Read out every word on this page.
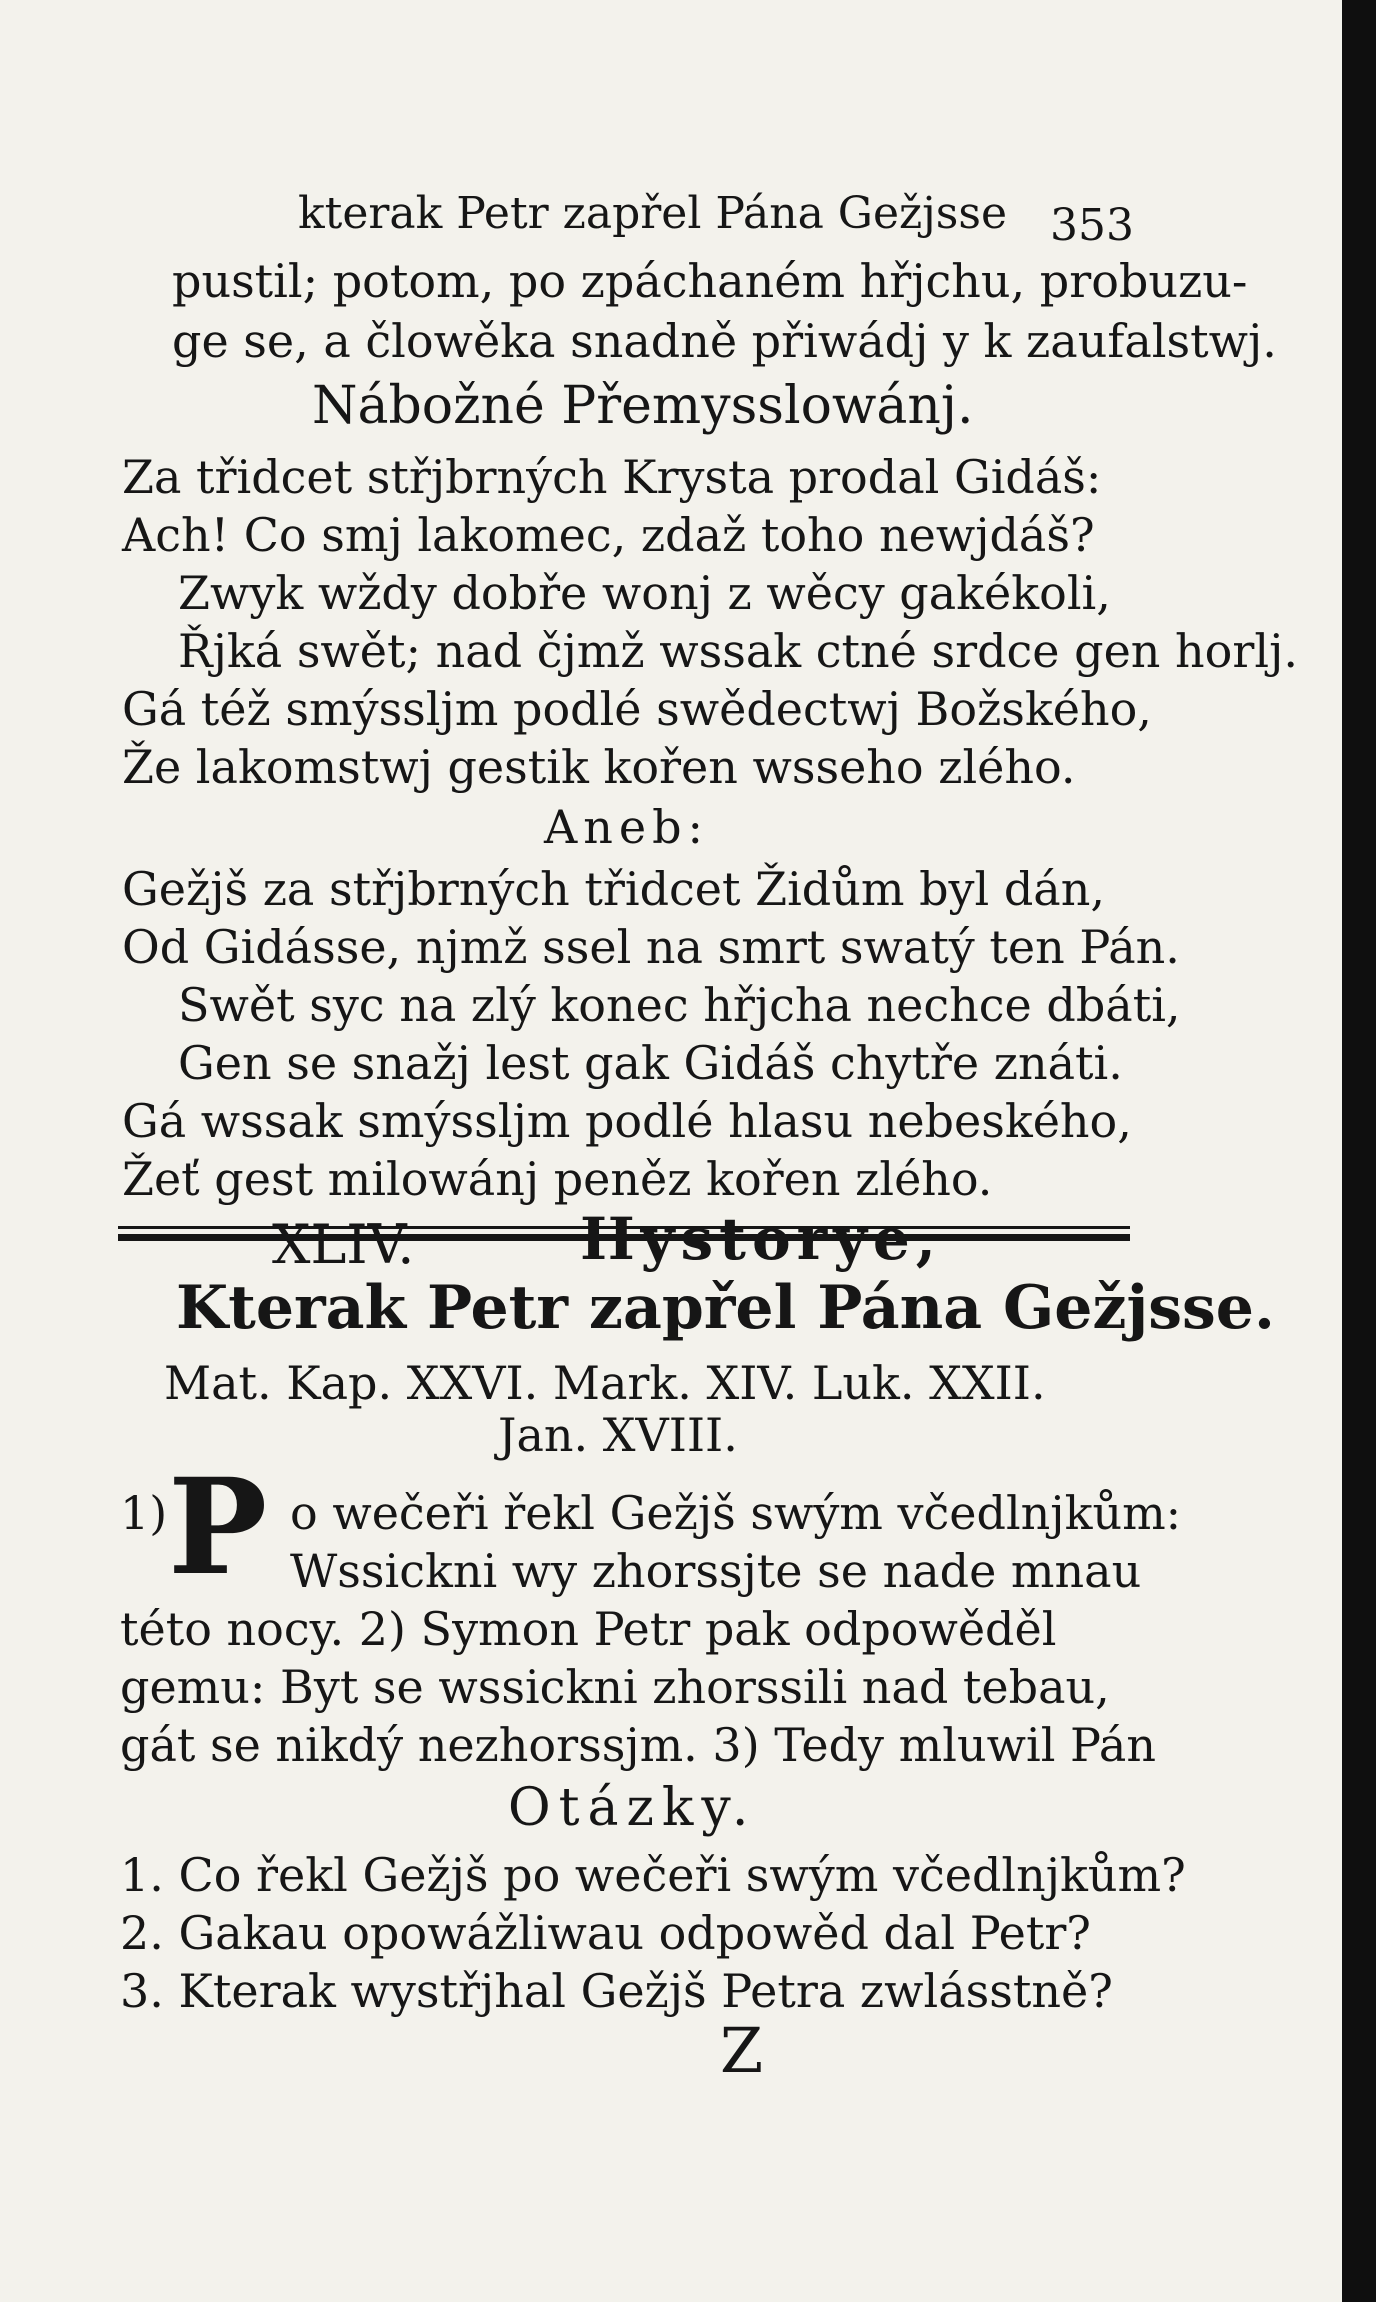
kterak Petr zapřel Pána Gežjsse 353
pustil; potom, po zpáchaném hřjchu, probuzu-
ge se, a člowěka snadně přiwádj y k zaufalstwj.
Nábožné Přemysslowánj.
Za třidcet střjbrných Krysta prodal Gidáš:
Ach! Co smj lakomec, zdaž toho newjdáš?
Zwyk wždy dobře wonj z wěcy gakékoli,
Řjká swět; nad čjmž wssak ctné srdce gen horlj.
Gá též smýssljm podlé swědectwj Božského,
Že lakomstwj gestik kořen wsseho zlého.
Aneb:
Gežjš za střjbrných třidcet Židům byl dán,
Od Gidásse, njmž ssel na smrt swatý ten Pán.
Swět syc na zlý konec hřjcha nechce dbáti,
Gen se snažj lest gak Gidáš chytře znáti.
Gá wssak smýssljm podlé hlasu nebeského,
Žeť gest milowánj peněz kořen zlého.
XLIV.	Hystorye,
Kterak Petr zapřel Pána Gežjsse.
Mat. Kap. XXVI. Mark. XIV. Luk. XXII.
Jan. XVIII.
1) P o wečeři řekl Gežjš swým včedlnjkům:
Wssickni wy zhorssjte se nade mnau
této nocy. 2) Symon Petr pak odpowěděl
gemu: Byt se wssickni zhorssili nad tebau,
gát se nikdý nezhorssjm. 3) Tedy mluwil Pán
Otázky.
1. Co řekl Gežjš po wečeři swým včedlnjkům?
2. Gakau opowážliwau odpowěd dal Petr?
3. Kterak wystřjhal Gežjš Petra zwlásstně?
Z
